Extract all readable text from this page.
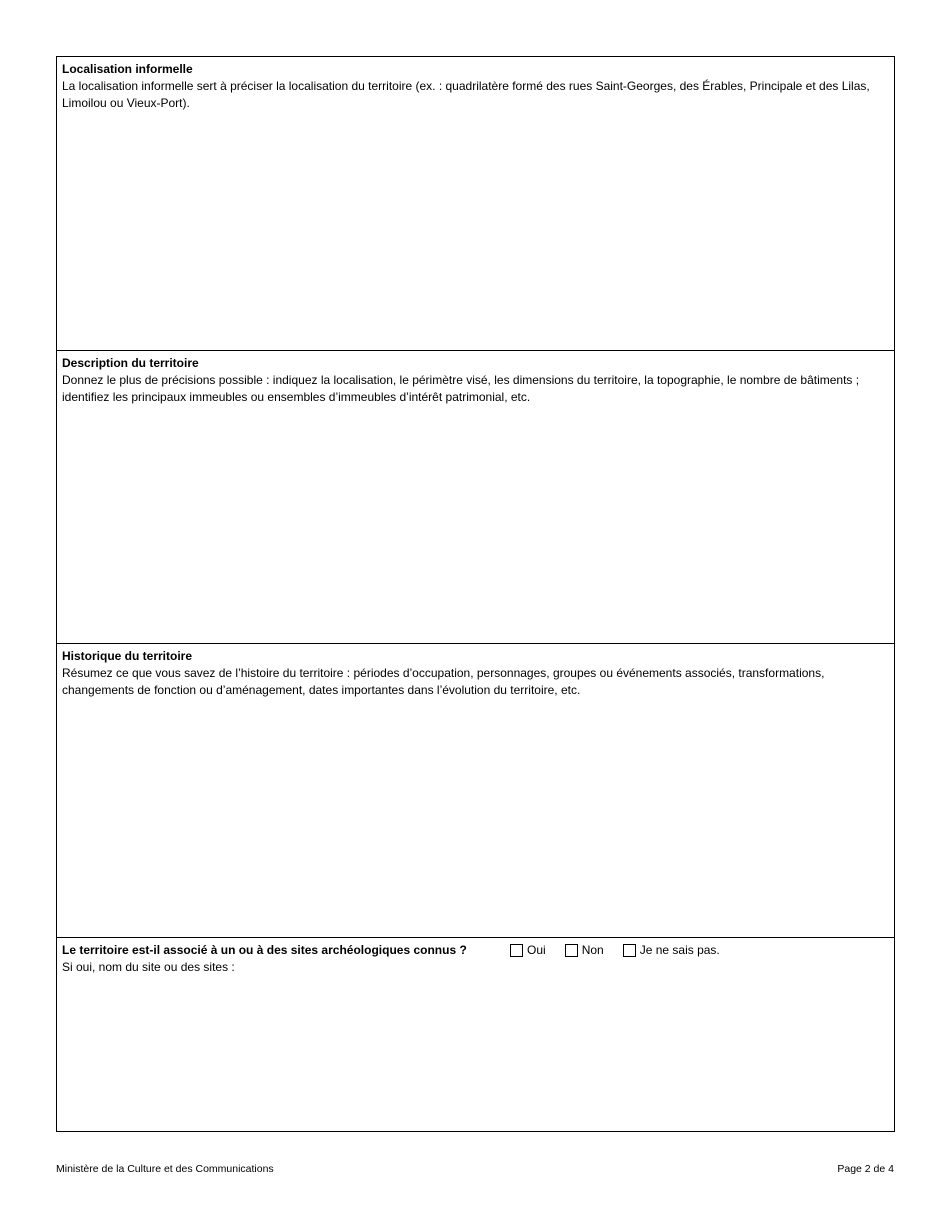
Localisation informelle

La localisation informelle sert à préciser la localisation du territoire (ex. : quadrilatère formé des rues Saint-Georges, des Érables, Principale et des Lilas, Limoilou ou Vieux-Port).

Description du territoire

Donnez le plus de précisions possible : indiquez la localisation, le périmètre visé, les dimensions du territoire, la topographie, le nombre de bâtiments ; identifiez les principaux immeubles ou ensembles d’immeubles d’intérêt patrimonial, etc.

Historique du territoire

Résumez ce que vous savez de l’histoire du territoire : périodes d’occupation, personnages, groupes ou événements associés, transformations, changements de fonction ou d’aménagement, dates importantes dans l’évolution du territoire, etc.

Le territoire est-il associé à un ou à des sites archéologiques connus ?	Oui	Non	Je ne sais pas.

Si oui, nom du site ou des sites :

Ministère de la Culture et des Communications	Page 2 de 4
